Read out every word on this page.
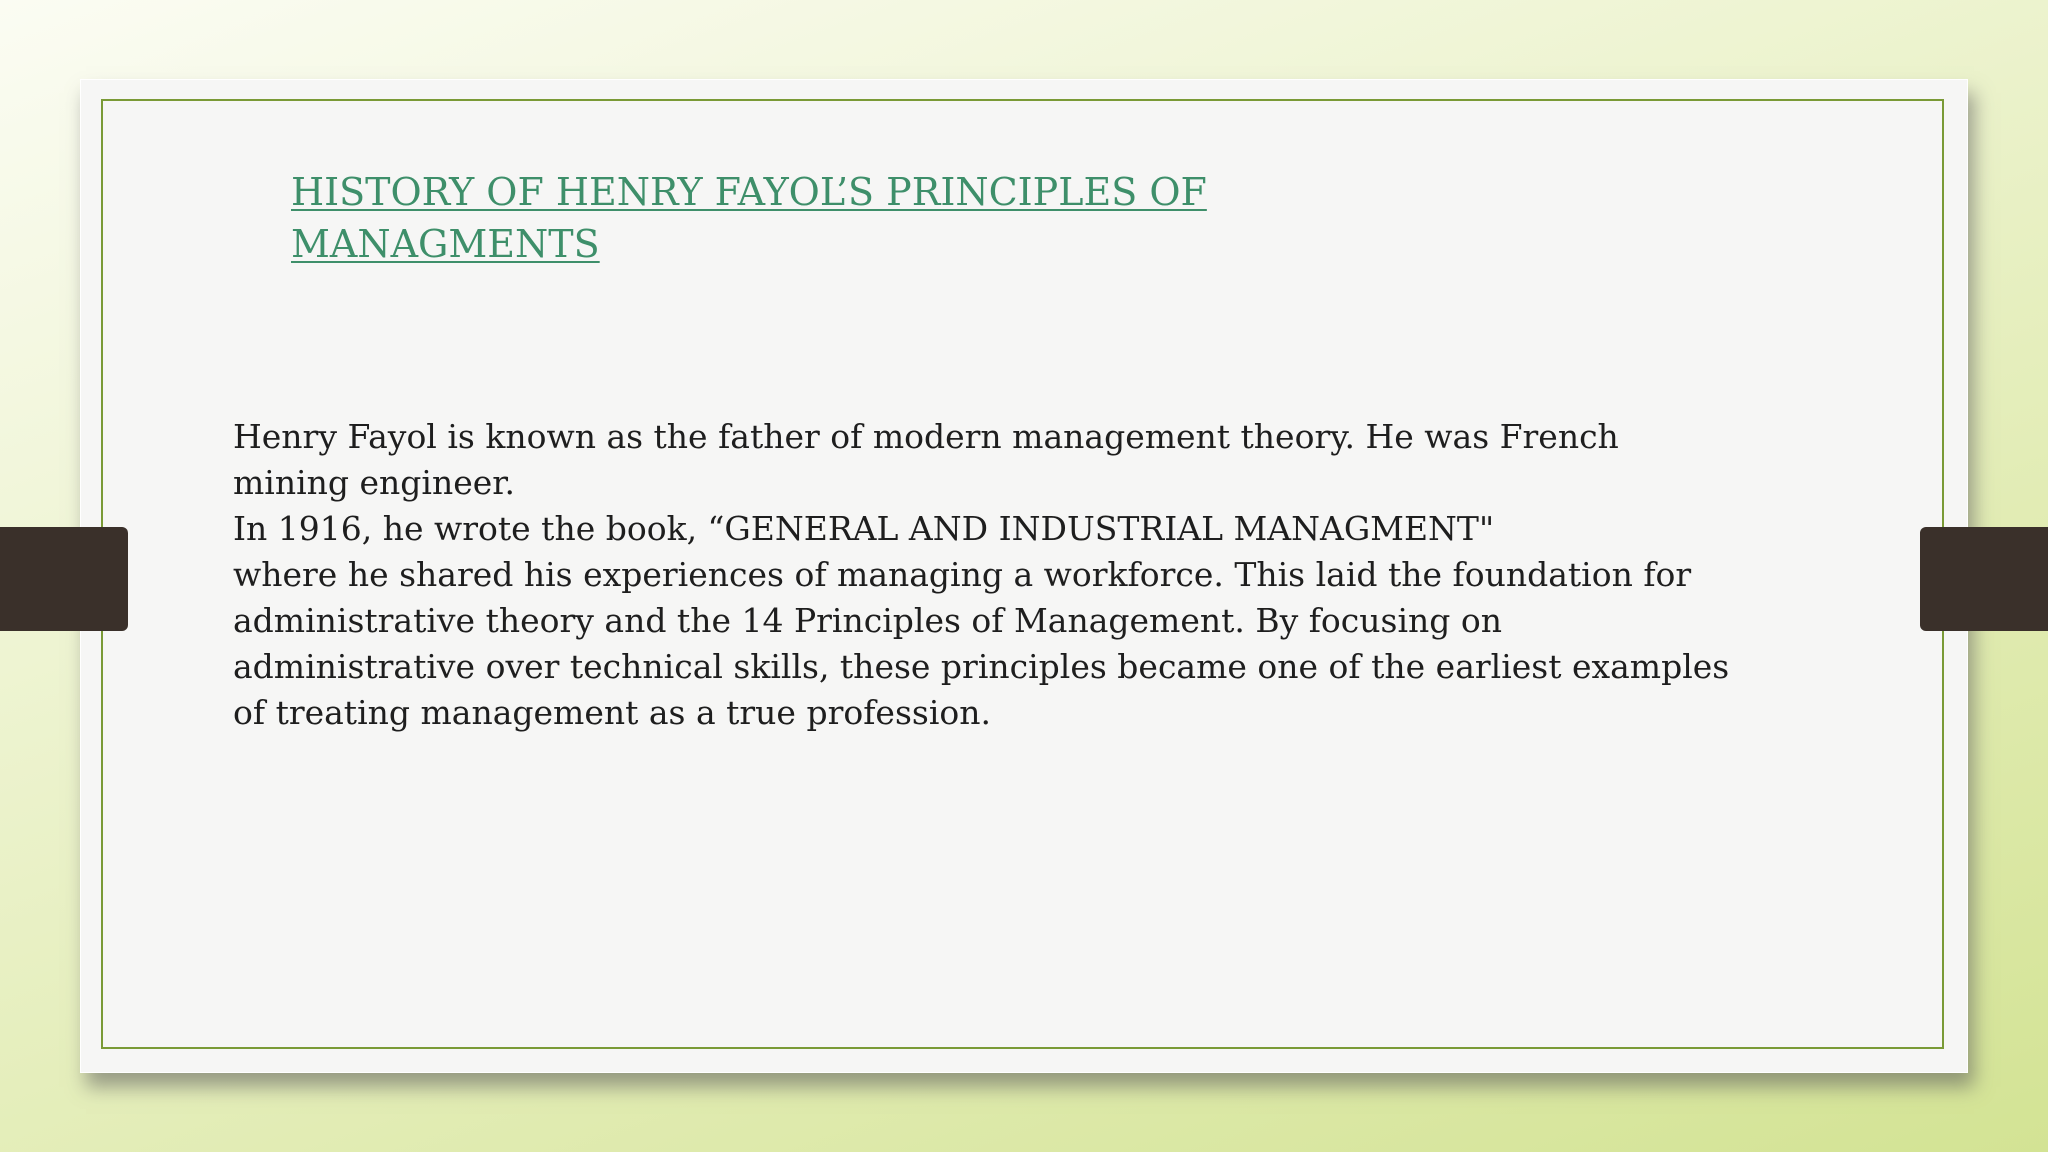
HISTORY OF HENRY FAYOL’S PRINCIPLES OF
MANAGMENTS
Henry Fayol is known as the father of modern management theory. He was French
mining engineer.
In 1916, he wrote the book, “GENERAL AND INDUSTRIAL MANAGMENT"
where he shared his experiences of managing a workforce. This laid the foundation for
administrative theory and the 14 Principles of Management. By focusing on
administrative over technical skills, these principles became one of the earliest examples
of treating management as a true profession.
